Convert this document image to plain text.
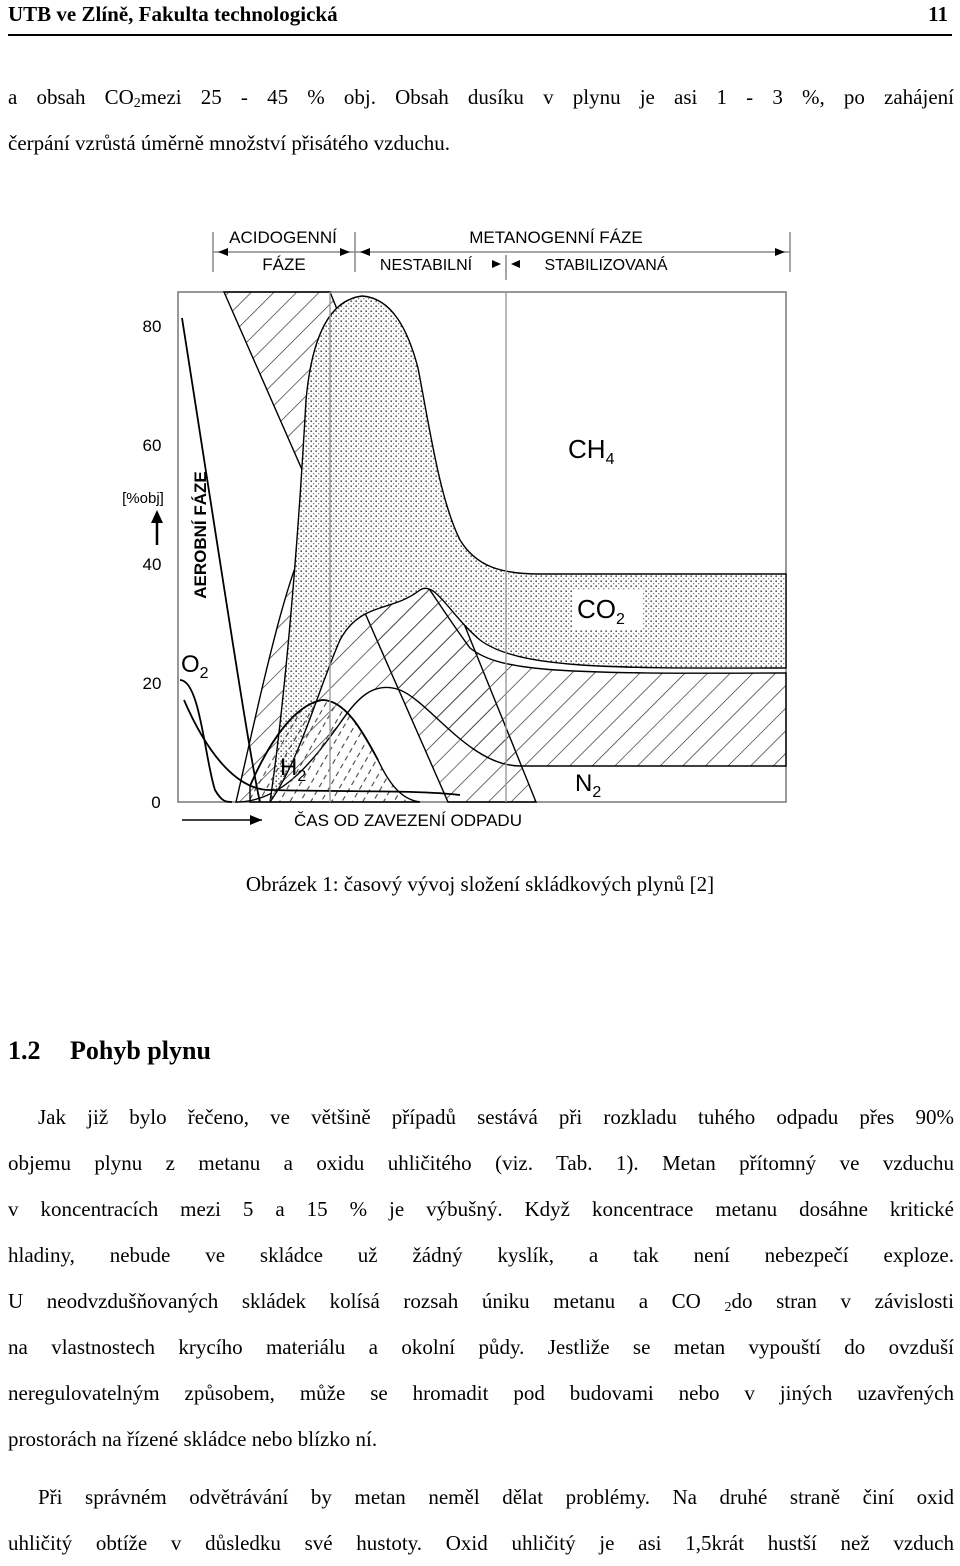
UTB ve Zlíně, Fakulta technologická	11
a obsah $CO_2mezi$ 25 - 45 % obj. Obsah dusíku v plynu je asi 1 - 3 %, po zahájení
čerpání vzrůstá úměrně množství přisátého vzduchu.
ACIDOGENNÍ
FÁZE
METANOGENNÍ FÁZE
NESTABILNÍ	STABILIZOVANÁ
80
60
40
20
0
[%obj] AEROBNÍ FÁZE
$CH_4$
$CO_2$
$O_2$
$H_2$	$N_2$
ČAS OD ZAVEZENÍ ODPADU
Obrázek 1: časový vývoj složení skládkových plynů [2]
1.2 Pohyb plynu
Jak již bylo řečeno, ve většině případů sestává při rozkladu tuhého odpadu přes 90%
objemu plynu z metanu a oxidu uhličitého (viz. Tab. 1). Metan přítomný ve vzduchu
v koncentracích mezi 5 a 15 % je výbušný. Když koncentrace metanu dosáhne kritické
hladiny, nebude ve skládce už žádný kyslík, a tak není nebezpečí exploze.
U neodvzdušňovaných skládek kolísá rozsah úniku metanu a CO $_2$do stran v závislosti
na vlastnostech krycího materiálu a okolní půdy. Jestliže se metan vypouští do ovzduší
neregulovatelným způsobem, může se hromadit pod budovami nebo v jiných uzavřených
prostorách na řízené skládce nebo blízko ní.
Při správném odvětrávání by metan neměl dělat problémy. Na druhé straně činí oxid
uhličitý obtíže v důsledku své hustoty. Oxid uhličitý je asi 1,5krát hustší než vzduch
